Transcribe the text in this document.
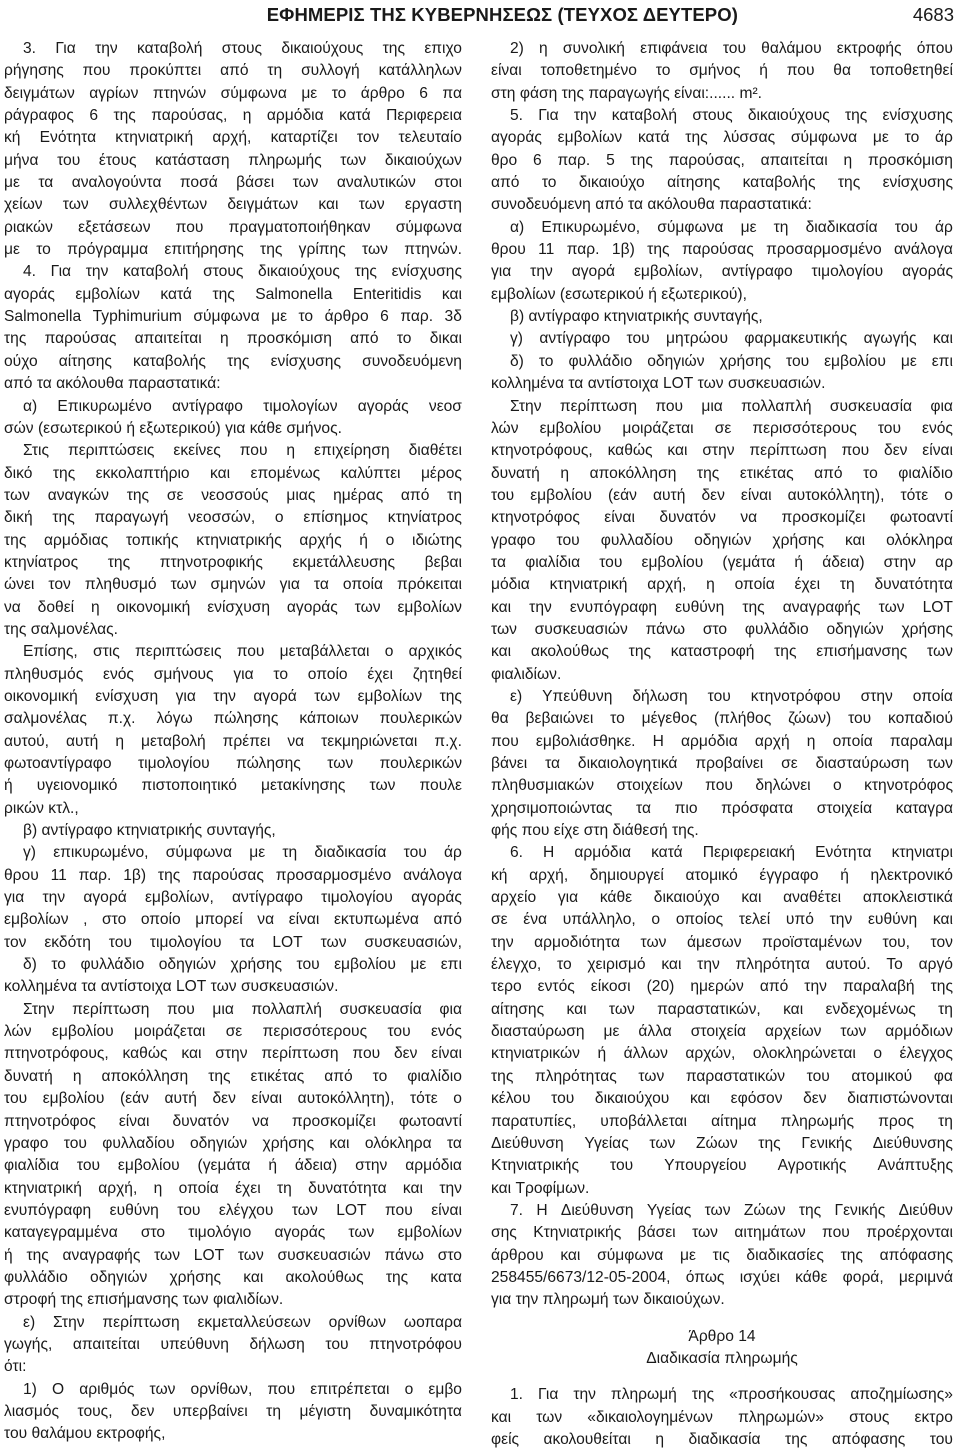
ΕΦΗΜΕΡΙΣ ΤΗΣ ΚΥΒΕΡΝΗΣΕΩΣ (ΤΕΥΧΟΣ ΔΕΥΤΕΡΟ)	4683
3. Για την καταβολή στους δικαιούχους της επιχο
ρήγησης που προκύπτει από τη συλλογή κατάλληλων
δειγμάτων αγρίων πτηνών σύμφωνα με το άρθρο 6 πα
ράγραφος 6 της παρούσας, η αρμόδια κατά Περιφερεια
κή Ενότητα κτηνιατρική αρχή, καταρτίζει τον τελευταίο
μήνα του έτους κατάσταση πληρωμής των δικαιούχων
με τα αναλογούντα ποσά βάσει των αναλυτικών στοι
χείων των συλλεχθέντων δειγμάτων και των εργαστη
ριακών εξετάσεων που πραγματοποιήθηκαν σύμφωνα
με το πρόγραμμα επιτήρησης της γρίπης των πτηνών.
4. Για την καταβολή στους δικαιούχους της ενίσχυσης
αγοράς εμβολίων κατά της Salmonella Enteritidis και
Salmonella Typhimurium σύμφωνα με το άρθρο 6 παρ. 3δ
της παρούσας απαιτείται η προσκόμιση από το δικαι
ούχο αίτησης καταβολής της ενίσχυσης συνοδευόμενη
από τα ακόλουθα παραστατικά:
α) Επικυρωμένο αντίγραφο τιμολογίων αγοράς νεοσ
σών (εσωτερικού ή εξωτερικού) για κάθε σμήνος.
Στις περιπτώσεις εκείνες που η επιχείρηση διαθέτει
δικό της εκκολαπτήριο και επομένως καλύπτει μέρος
των αναγκών της σε νεοσσούς μιας ημέρας από τη
δική της παραγωγή νεοσσών, ο επίσημος κτηνίατρος
της αρμόδιας τοπικής κτηνιατρικής αρχής ή ο ιδιώτης
κτηνίατρος της πτηνοτροφικής εκμετάλλευσης βεβαι
ώνει τον πληθυσμό των σμηνών για τα οποία πρόκειται
να δοθεί η οικονομική ενίσχυση αγοράς των εμβολίων
της σαλμονέλας.
Επίσης, στις περιπτώσεις που μεταβάλλεται ο αρχικός
πληθυσμός ενός σμήνους για το οποίο έχει ζητηθεί
οικονομική ενίσχυση για την αγορά των εμβολίων της
σαλμονέλας π.χ. λόγω πώλησης κάποιων πουλερικών
αυτού, αυτή η μεταβολή πρέπει να τεκμηριώνεται π.χ.
φωτοαντίγραφο τιμολογίου πώλησης των πουλερικών
ή υγειονομικό πιστοποιητικό μετακίνησης των πουλε
ρικών κτλ.,
β) αντίγραφο κτηνιατρικής συνταγής,
γ) επικυρωμένο, σύμφωνα με τη διαδικασία του άρ
θρου 11 παρ. 1β) της παρούσας προσαρμοσμένο ανάλογα
για την αγορά εμβολίων, αντίγραφο τιμολογίου αγοράς
εμβολίων , στο οποίο μπορεί να είναι εκτυπωμένα από
τον εκδότη του τιμολογίου τα LOT των συσκευασιών,
δ) το φυλλάδιο οδηγιών χρήσης του εμβολίου με επι
κολλημένα τα αντίστοιχα LOT των συσκευασιών.
Στην περίπτωση που μια πολλαπλή συσκευασία φια
λών εμβολίου μοιράζεται σε περισσότερους του ενός
πτηνοτρόφους, καθώς και στην περίπτωση που δεν είναι
δυνατή η αποκόλληση της ετικέτας από το φιαλίδιο
του εμβολίου (εάν αυτή δεν είναι αυτοκόλλητη), τότε ο
πτηνοτρόφος είναι δυνατόν να προσκομίζει φωτοαντί
γραφο του φυλλαδίου οδηγιών χρήσης και ολόκληρα τα
φιαλίδια του εμβολίου (γεμάτα ή άδεια) στην αρμόδια
κτηνιατρική αρχή, η οποία έχει τη δυνατότητα και την
ενυπόγραφη ευθύνη του ελέγχου των LOT που είναι
καταγεγραμμένα στο τιμολόγιο αγοράς των εμβολίων
ή της αναγραφής των LOT των συσκευασιών πάνω στο
φυλλάδιο οδηγιών χρήσης και ακολούθως της κατα
στροφή της επισήμανσης των φιαλιδίων.
ε) Στην περίπτωση εκμεταλλεύσεων ορνίθων ωοπαρα
γωγής, απαιτείται υπεύθυνη δήλωση του πτηνοτρόφου
ότι:
1) Ο αριθμός των ορνίθων, που επιτρέπεται ο εμβο
λιασμός τους, δεν υπερβαίνει τη μέγιστη δυναμικότητα
του θαλάμου εκτροφής,
2) η συνολική επιφάνεια του θαλάμου εκτροφής όπου
είναι τοποθετημένο το σμήνος ή που θα τοποθετηθεί
στη φάση της παραγωγής είναι:...... m².
5. Για την καταβολή στους δικαιούχους της ενίσχυσης
αγοράς εμβολίων κατά της λύσσας σύμφωνα με το άρ
θρο 6 παρ. 5 της παρούσας, απαιτείται η προσκόμιση
από το δικαιούχο αίτησης καταβολής της ενίσχυσης
συνοδευόμενη από τα ακόλουθα παραστατικά:
α) Επικυρωμένο, σύμφωνα με τη διαδικασία του άρ
θρου 11 παρ. 1β) της παρούσας προσαρμοσμένο ανάλογα
για την αγορά εμβολίων, αντίγραφο τιμολογίου αγοράς
εμβολίων (εσωτερικού ή εξωτερικού),
β) αντίγραφο κτηνιατρικής συνταγής,
γ) αντίγραφο του μητρώου φαρμακευτικής αγωγής και
δ) το φυλλάδιο οδηγιών χρήσης του εμβολίου με επι
κολλημένα τα αντίστοιχα LOT των συσκευασιών.
Στην περίπτωση που μια πολλαπλή συσκευασία φια
λών εμβολίου μοιράζεται σε περισσότερους του ενός
κτηνοτρόφους, καθώς και στην περίπτωση που δεν είναι
δυνατή η αποκόλληση της ετικέτας από το φιαλίδιο
του εμβολίου (εάν αυτή δεν είναι αυτοκόλλητη), τότε ο
κτηνοτρόφος είναι δυνατόν να προσκομίζει φωτοαντί
γραφο του φυλλαδίου οδηγιών χρήσης και ολόκληρα
τα φιαλίδια του εμβολίου (γεμάτα ή άδεια) στην αρ
μόδια κτηνιατρική αρχή, η οποία έχει τη δυνατότητα
και την ενυπόγραφη ευθύνη της αναγραφής των LOT
των συσκευασιών πάνω στο φυλλάδιο οδηγιών χρήσης
και ακολούθως της καταστροφή της επισήμανσης των
φιαλιδίων.
ε) Υπεύθυνη δήλωση του κτηνοτρόφου στην οποία
θα βεβαιώνει το μέγεθος (πλήθος ζώων) του κοπαδιού
που εμβολιάσθηκε. Η αρμόδια αρχή η οποία παραλαμ
βάνει τα δικαιολογητικά προβαίνει σε διασταύρωση των
πληθυσμιακών στοιχείων που δηλώνει ο κτηνοτρόφος
χρησιμοποιώντας τα πιο πρόσφατα στοιχεία καταγρα
φής που είχε στη διάθεσή της.
6. Η αρμόδια κατά Περιφερειακή Ενότητα κτηνιατρι
κή αρχή, δημιουργεί ατομικό έγγραφο ή ηλεκτρονικό
αρχείο για κάθε δικαιούχο και αναθέτει αποκλειστικά
σε ένα υπάλληλο, ο οποίος τελεί υπό την ευθύνη και
την αρμοδιότητα των άμεσων προϊσταμένων του, τον
έλεγχο, το χειρισμό και την πληρότητα αυτού. Το αργό
τερο εντός είκοσι (20) ημερών από την παραλαβή της
αίτησης και των παραστατικών, και ενδεχομένως τη
διασταύρωση με άλλα στοιχεία αρχείων των αρμόδιων
κτηνιατρικών ή άλλων αρχών, ολοκληρώνεται ο έλεγχος
της πληρότητας των παραστατικών του ατομικού φα
κέλου του δικαιούχου και εφόσον δεν διαπιστώνονται
παρατυπίες, υποβάλλεται αίτημα πληρωμής προς τη
Διεύθυνση Υγείας των Ζώων της Γενικής Διεύθυνσης
Κτηνιατρικής του Υπουργείου Αγροτικής Ανάπτυξης
και Τροφίμων.
7. Η Διεύθυνση Υγείας των Ζώων της Γενικής Διεύθυν
σης Κτηνιατρικής βάσει των αιτημάτων που προέρχονται
άρθρου και σύμφωνα με τις διαδικασίες της απόφασης
258455/6673/12-05-2004, όπως ισχύει κάθε φορά, μεριμνά
για την πληρωμή των δικαιούχων.
Άρθρο 14
Διαδικασία πληρωμής
1. Για την πληρωμή της «προσήκουσας αποζημίωσης»
και των «δικαιολογημένων πληρωμών» στους εκτρο
φείς ακολουθείται η διαδικασία της απόφασης του
